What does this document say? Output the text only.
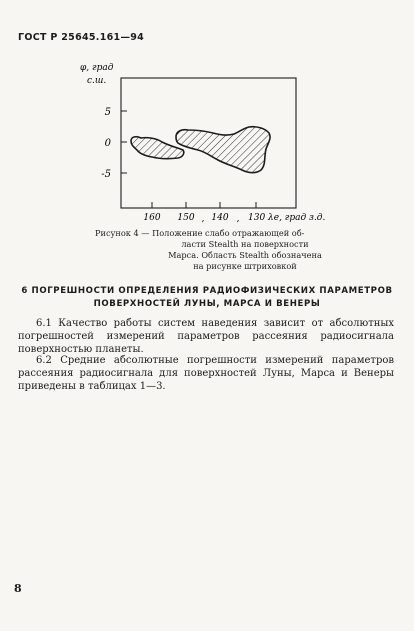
ГОСТ Р 25645.161—94
φ, град
с.ш.
5
0
-5
160 150 140
,	, 130 λе, град з.д.
Рисунок 4 — Положение слабо отражающей об-
ласти Stealth на поверхности Марса. Область Stealth обозначена на рисунке штриховкой
6 ПОГРЕШНОСТИ ОПРЕДЕЛЕНИЯ РАДИОФИЗИЧЕСКИХ ПАРАМЕТРОВ ПОВЕРХНОСТЕЙ ЛУНЫ, МАРСА И ВЕНЕРЫ

6.1 Качество работы систем наведения зависит от абсолютных погрешностей измерений параметров рассеяния радиосигнала поверхностью планеты.

6.2 Средние абсолютные погрешности измерений параметров рассеяния радиосигнала для поверхностей Луны, Марса и Венеры приведены в таблицах 1—3.

8
